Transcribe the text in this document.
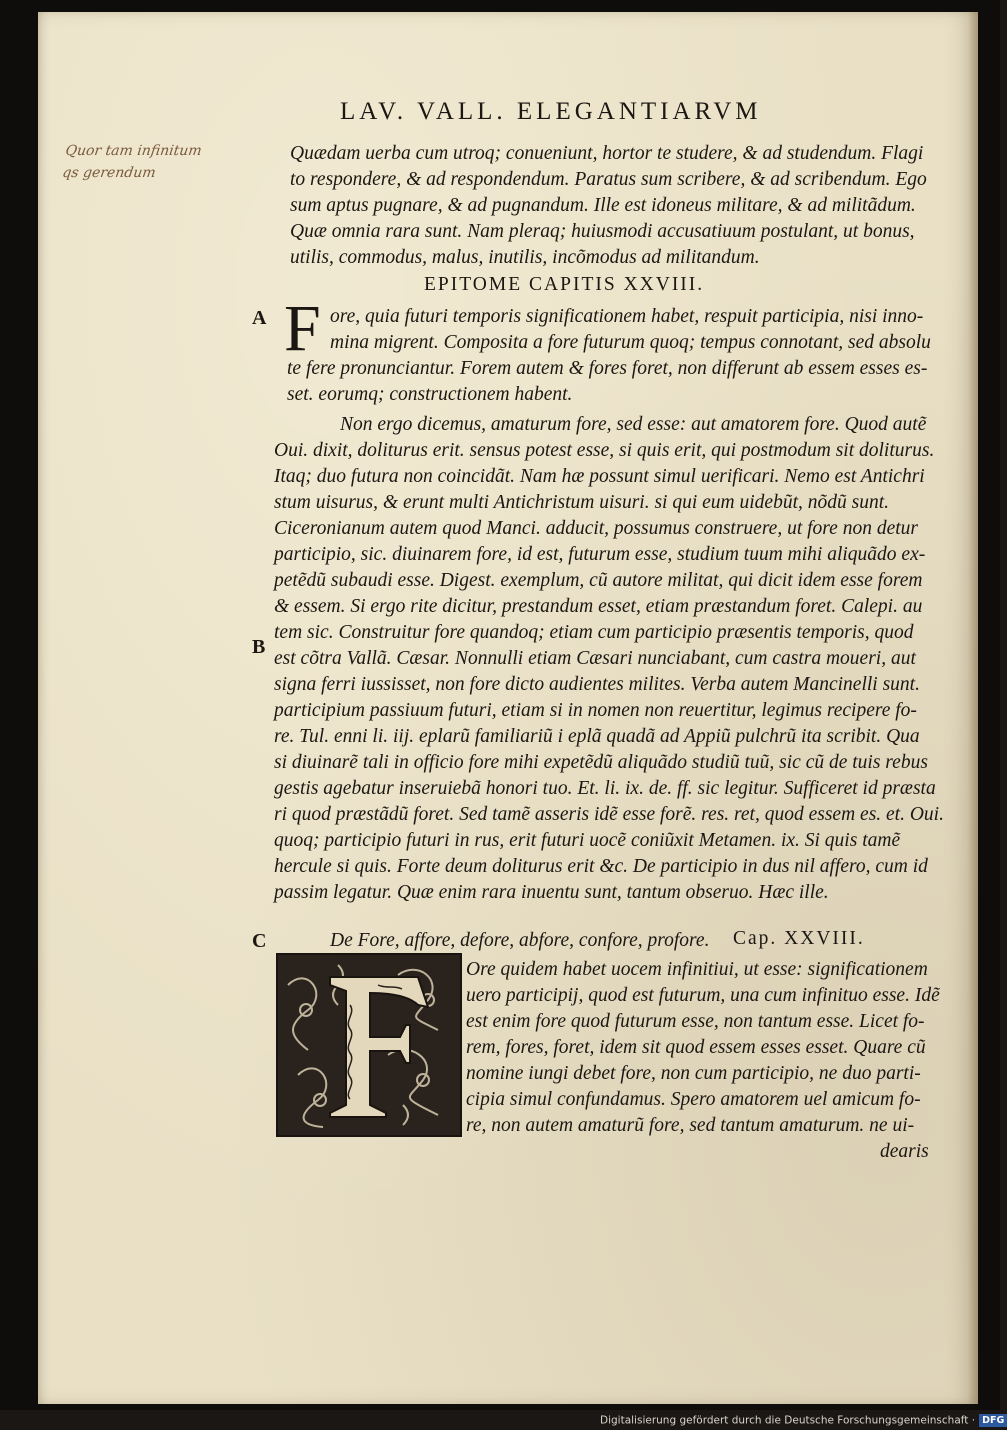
LAV. VALL. ELEGANTIARVM
Quor tam infinitum
qs gerendum
Quædam uerba cum utroq; conueniunt, hortor te studere, & ad studendum. Flagi
to respondere, & ad respondendum. Paratus sum scribere, & ad scribendum. Ego
sum aptus pugnare, & ad pugnandum. Ille est idoneus militare, & ad militãdum.
Quæ omnia rara sunt. Nam pleraq; huiusmodi accusatiuum postulant, ut bonus,
utilis, commodus, malus, inutilis, incõmodus ad militandum.
EPITOME CAPITIS XXVIII.
A F ore, quia futuri temporis significationem habet, respuit participia, nisi inno-
mina migrent. Composita a fore futurum quoq; tempus connotant, sed absolu
te fere pronunciantur. Forem autem & fores foret, non differunt ab essem esses es-
set. eorumq; constructionem habent.
Non ergo dicemus, amaturum fore, sed esse: aut amatorem fore. Quod autẽ
Oui. dixit, doliturus erit. sensus potest esse, si quis erit, qui postmodum sit doliturus.
Itaq; duo futura non coincidãt. Nam hæ possunt simul uerificari. Nemo est Antichri
stum uisurus, & erunt multi Antichristum uisuri. si qui eum uidebũt, nõdũ sunt.
Ciceronianum autem quod Manci. adducit, possumus construere, ut fore non detur
participio, sic. diuinarem fore, id est, futurum esse, studium tuum mihi aliquãdo ex-
petẽdũ subaudi esse. Digest. exemplum, cũ autore militat, qui dicit idem esse forem
& essem. Si ergo rite dicitur, prestandum esset, etiam præstandum foret. Calepi. au
tem sic. Construitur fore quandoq; etiam cum participio præsentis temporis, quod
est cõtra Vallã. Cæsar. Nonnulli etiam Cæsari nunciabant, cum castra moueri, aut
signa ferri iussisset, non fore dicto audientes milites. Verba autem Mancinelli sunt.
participium passiuum futuri, etiam si in nomen non reuertitur, legimus recipere fo-
re. Tul. enni li. iij. eplarũ familiariũ i eplã quadã ad Appiũ pulchrũ ita scribit. Qua
si diuinarẽ tali in officio fore mihi expetẽdũ aliquãdo studiũ tuũ, sic cũ de tuis rebus
gestis agebatur inseruiebã honori tuo. Et. li. ix. de. ff. sic legitur. Sufficeret id præsta
ri quod præstãdũ foret. Sed tamẽ asseris idẽ esse forẽ. res. ret, quod essem es. et. Oui.
quoq; participio futuri in rus, erit futuri uocẽ coniũxit Metamen. ix. Si quis tamẽ
hercule si quis. Forte deum doliturus erit &c. De participio in dus nil affero, cum id
passim legatur. Quæ enim rara inuentu sunt, tantum obseruo. Hæc ille.
B
C	De Fore, affore, defore, abfore, confore, profore. Cap. XXVIII.
Ore quidem habet uocem infinitiui, ut esse: significationem
uero participij, quod est futurum, una cum infinituo esse. Idẽ
est enim fore quod futurum esse, non tantum esse. Licet fo-
rem, fores, foret, idem sit quod essem esses esset. Quare cũ
nomine iungi debet fore, non cum participio, ne duo parti-
cipia simul confundamus. Spero amatorem uel amicum fo-
re, non autem amaturũ fore, sed tantum amaturum. ne ui-
dearis
Digitalisierung gefördert durch die Deutsche Forschungsgemeinschaft · DFG
